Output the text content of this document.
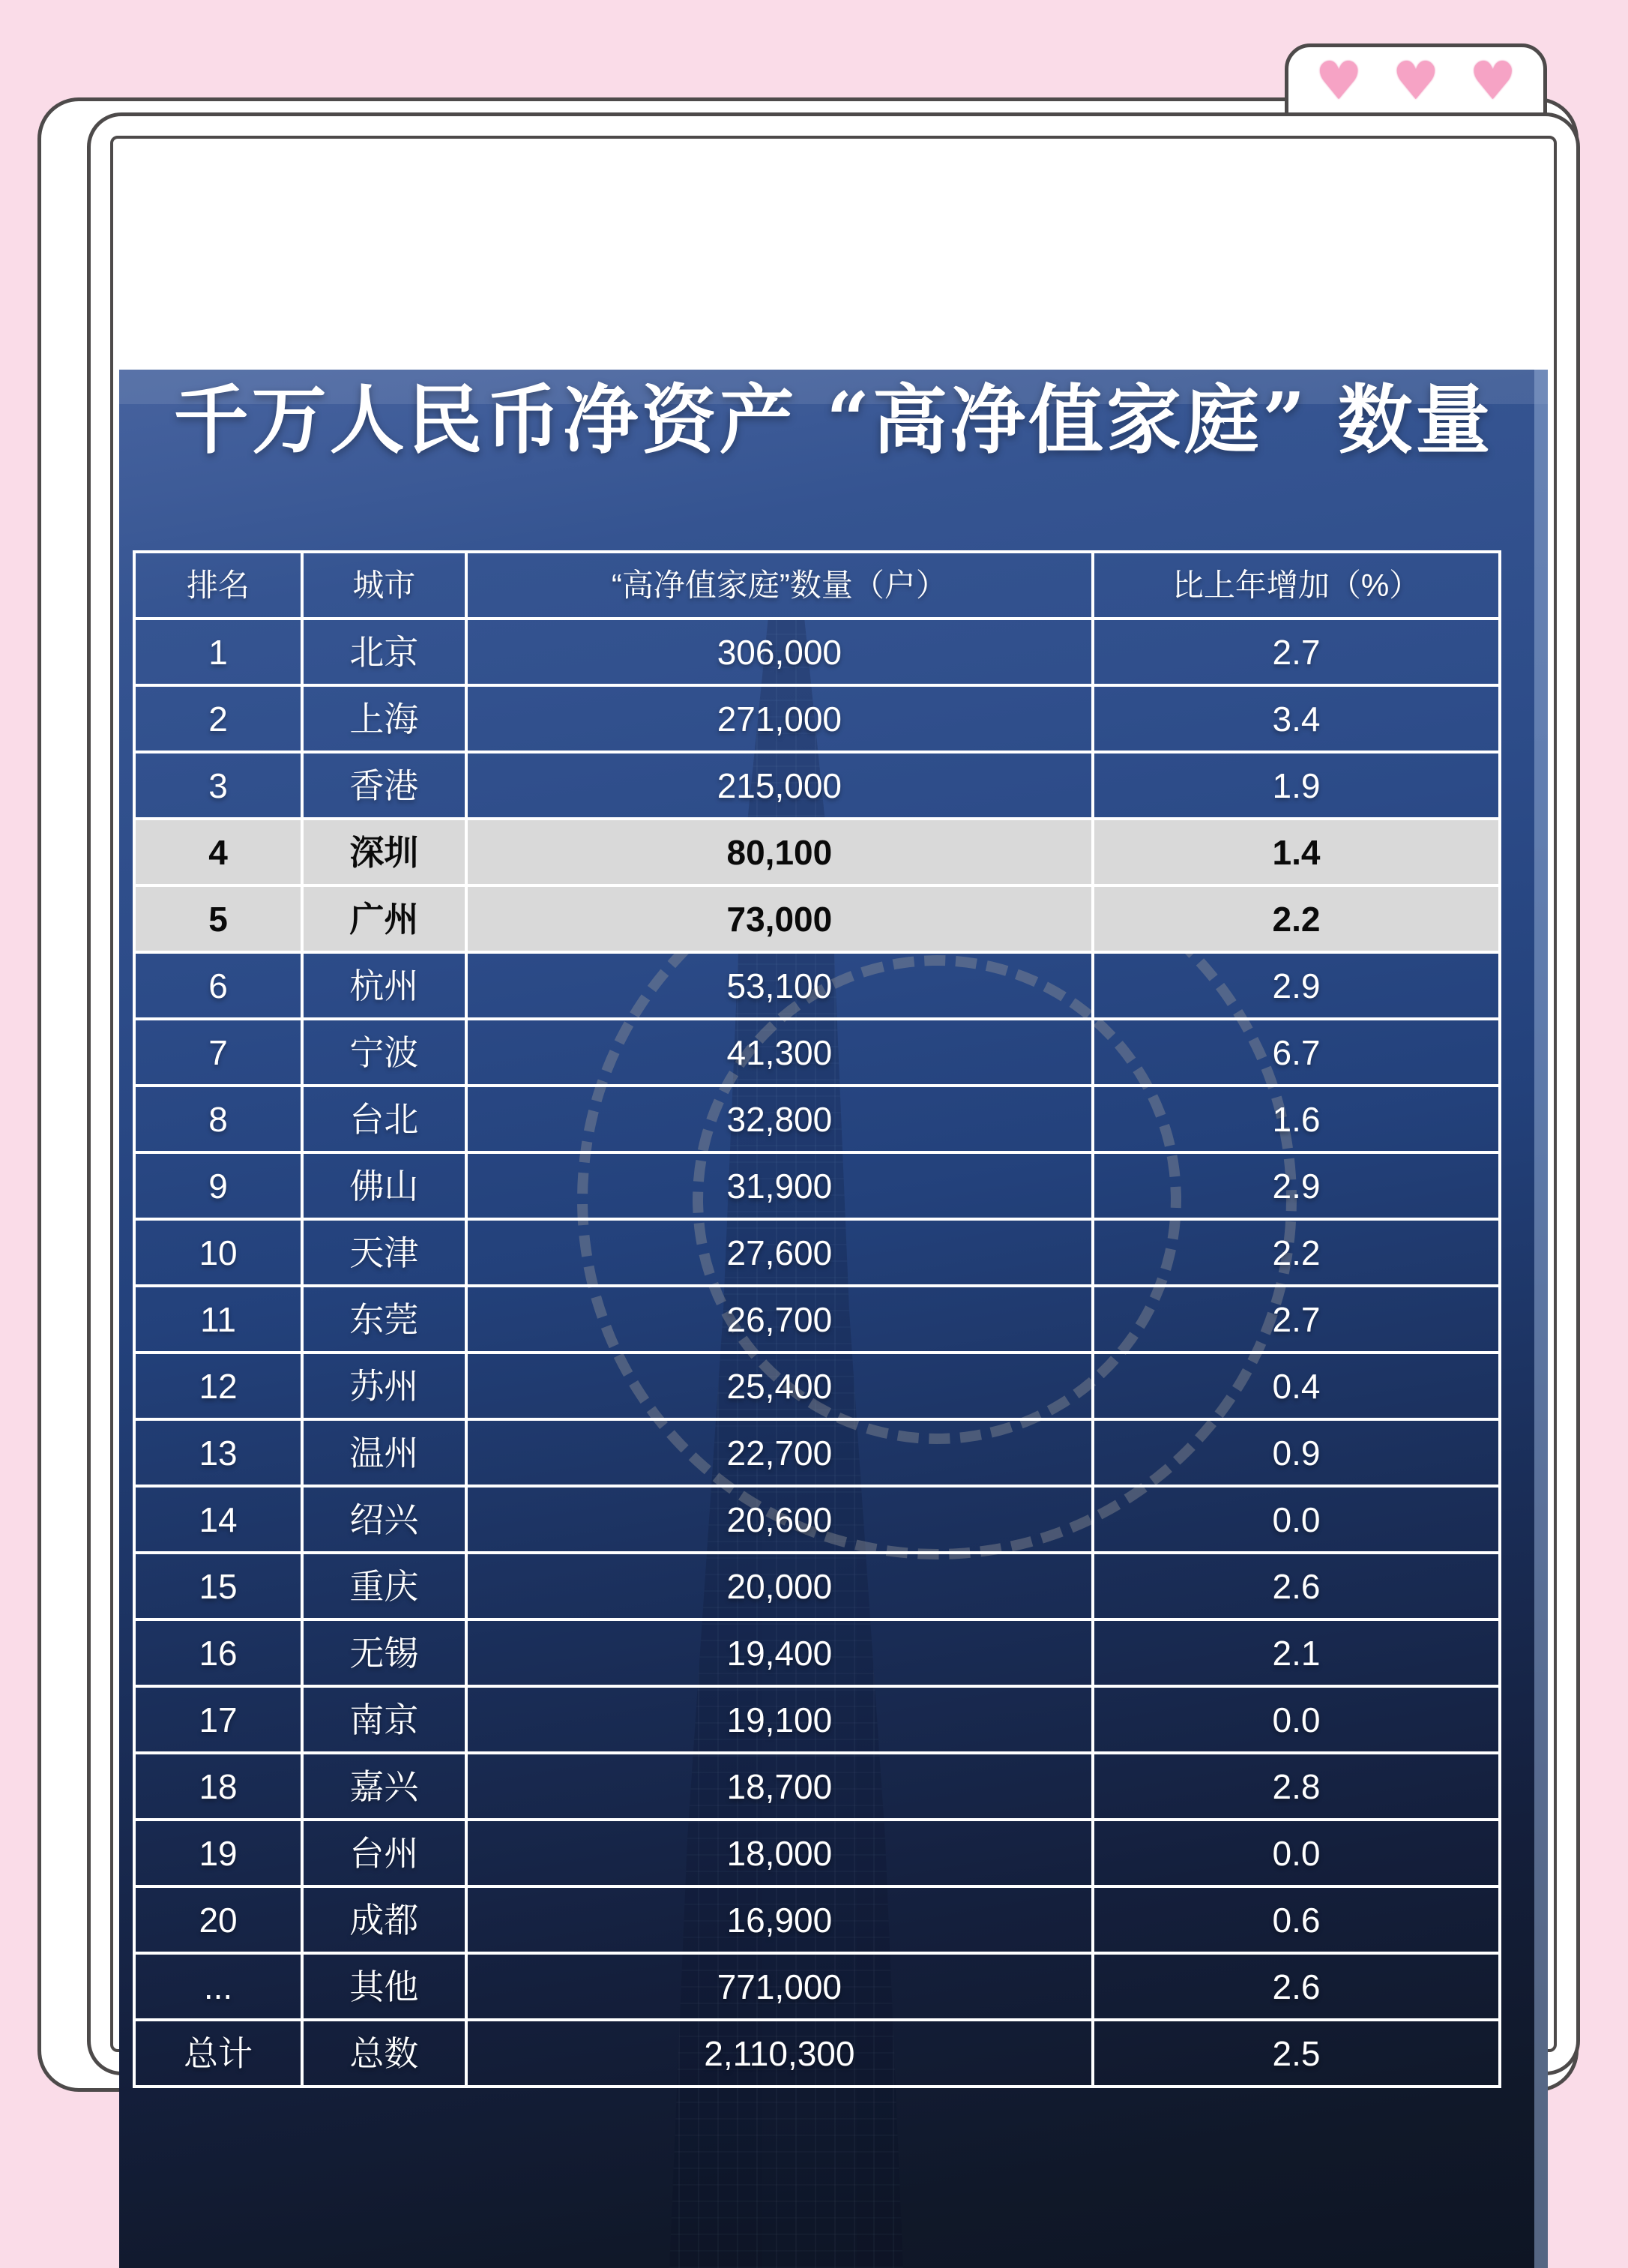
♥ ♥ ♥
千万人民币净资产 “高净值家庭” 数量
排名	城市	“高净值家庭”数量（户）	比上年增加（%）
1	北京	306,000	2.7
2	上海	271,000	3.4
3	香港	215,000	1.9
4	深圳	80,100	1.4
5	广州	73,000	2.2
6	杭州	53,100	2.9
7	宁波	41,300	6.7
8	台北	32,800	1.6
9	佛山	31,900	2.9
10	天津	27,600	2.2
11	东莞	26,700	2.7
12	苏州	25,400	0.4
13	温州	22,700	0.9
14	绍兴	20,600	0.0
15	重庆	20,000	2.6
16	无锡	19,400	2.1
17	南京	19,100	0.0
18	嘉兴	18,700	2.8
19	台州	18,000	0.0
20	成都	16,900	0.6
...	其他	771,000	2.6
总计	总数	2,110,300	2.5
